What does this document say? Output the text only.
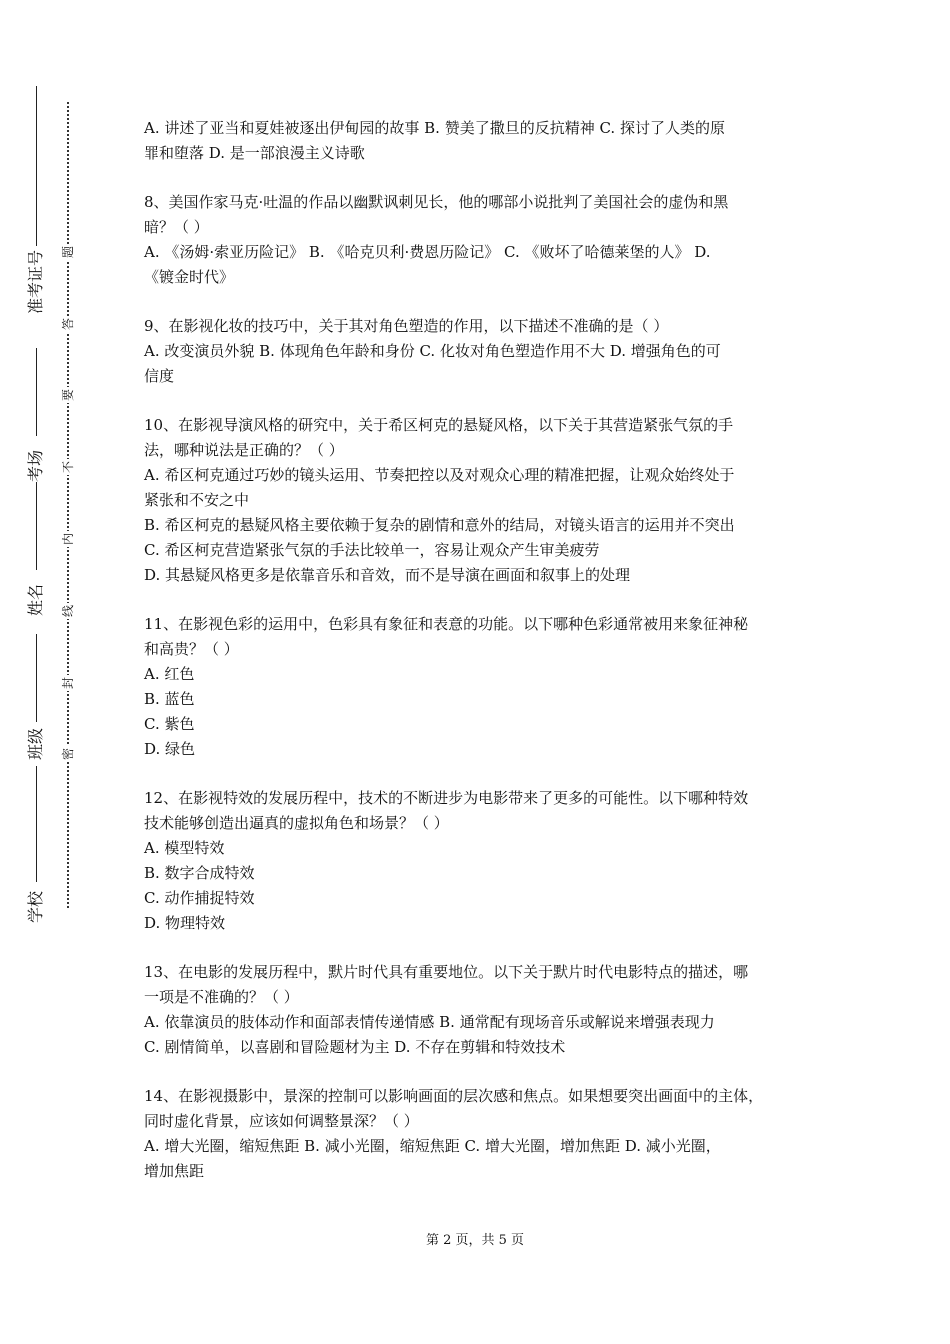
准考证号
考场
姓名
班级
学校
题
答
要
不
内
线
封
密
A. 讲述了亚当和夏娃被逐出伊甸园的故事 B. 赞美了撒旦的反抗精神 C. 探讨了人类的原
罪和堕落 D. 是一部浪漫主义诗歌
8、美国作家马克·吐温的作品以幽默讽刺见长，他的哪部小说批判了美国社会的虚伪和黑
暗？（ ）
A. 《汤姆·索亚历险记》 B. 《哈克贝利·费恩历险记》 C. 《败坏了哈德莱堡的人》 D.
《镀金时代》
9、在影视化妆的技巧中，关于其对角色塑造的作用，以下描述不准确的是（ ）
A. 改变演员外貌 B. 体现角色年龄和身份 C. 化妆对角色塑造作用不大 D. 增强角色的可
信度
10、在影视导演风格的研究中，关于希区柯克的悬疑风格，以下关于其营造紧张气氛的手
法，哪种说法是正确的？（ ）
A. 希区柯克通过巧妙的镜头运用、节奏把控以及对观众心理的精准把握，让观众始终处于
紧张和不安之中
B. 希区柯克的悬疑风格主要依赖于复杂的剧情和意外的结局，对镜头语言的运用并不突出
C. 希区柯克营造紧张气氛的手法比较单一，容易让观众产生审美疲劳
D. 其悬疑风格更多是依靠音乐和音效，而不是导演在画面和叙事上的处理
11、在影视色彩的运用中，色彩具有象征和表意的功能。以下哪种色彩通常被用来象征神秘
和高贵？（ ）
A. 红色
B. 蓝色
C. 紫色
D. 绿色
12、在影视特效的发展历程中，技术的不断进步为电影带来了更多的可能性。以下哪种特效
技术能够创造出逼真的虚拟角色和场景？（ ）
A. 模型特效
B. 数字合成特效
C. 动作捕捉特效
D. 物理特效
13、在电影的发展历程中，默片时代具有重要地位。以下关于默片时代电影特点的描述，哪
一项是不准确的？（ ）
A. 依靠演员的肢体动作和面部表情传递情感 B. 通常配有现场音乐或解说来增强表现力
C. 剧情简单，以喜剧和冒险题材为主 D. 不存在剪辑和特效技术
14、在影视摄影中，景深的控制可以影响画面的层次感和焦点。如果想要突出画面中的主体，
同时虚化背景，应该如何调整景深？（ ）
A. 增大光圈，缩短焦距 B. 减小光圈，缩短焦距 C. 增大光圈，增加焦距 D. 减小光圈，
增加焦距
第 2 页，共 5 页
